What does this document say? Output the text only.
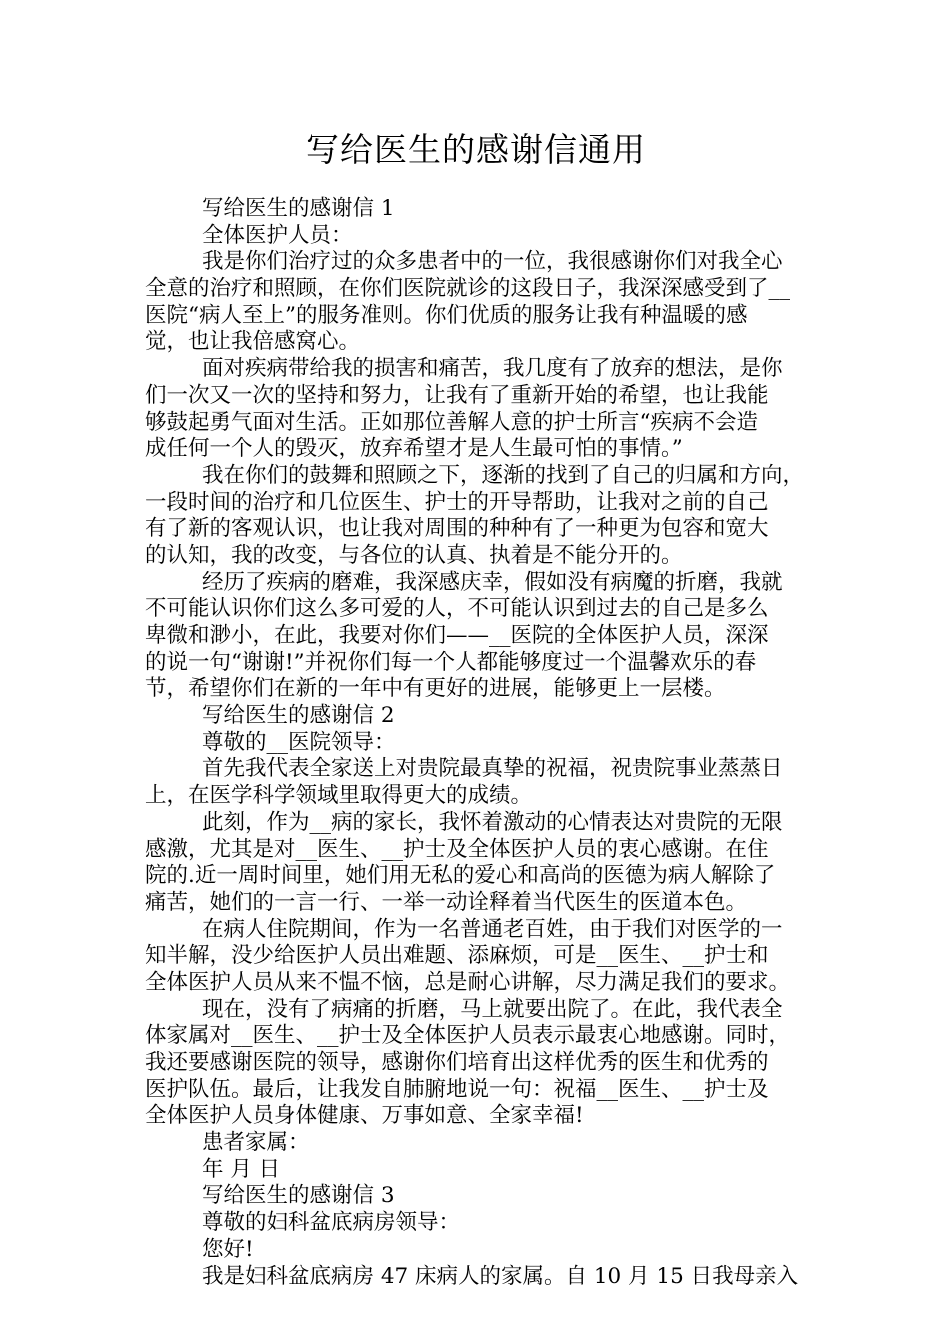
写给医生的感谢信通用
写给医生的感谢信 1
全体医护人员：
我是你们治疗过的众多患者中的一位，我很感谢你们对我全心
全意的治疗和照顾，在你们医院就诊的这段日子，我深深感受到了__
医院“病人至上”的服务准则。你们优质的服务让我有种温暖的感
觉，也让我倍感窝心。
面对疾病带给我的损害和痛苦，我几度有了放弃的想法，是你
们一次又一次的坚持和努力，让我有了重新开始的希望，也让我能
够鼓起勇气面对生活。正如那位善解人意的护士所言“疾病不会造
成任何一个人的毁灭，放弃希望才是人生最可怕的事情。”
我在你们的鼓舞和照顾之下，逐渐的找到了自己的归属和方向，
一段时间的治疗和几位医生、护士的开导帮助，让我对之前的自己
有了新的客观认识，也让我对周围的种种有了一种更为包容和宽大
的认知，我的改变，与各位的认真、执着是不能分开的。
经历了疾病的磨难，我深感庆幸，假如没有病魔的折磨，我就
不可能认识你们这么多可爱的人，不可能认识到过去的自己是多么
卑微和渺小，在此，我要对你们——__医院的全体医护人员，深深
的说一句“谢谢!”并祝你们每一个人都能够度过一个温馨欢乐的春
节，希望你们在新的一年中有更好的进展，能够更上一层楼。
写给医生的感谢信 2
尊敬的__医院领导：
首先我代表全家送上对贵院最真挚的祝福，祝贵院事业蒸蒸日
上，在医学科学领域里取得更大的成绩。
此刻，作为__病的家长，我怀着激动的心情表达对贵院的无限
感激，尤其是对__医生、__护士及全体医护人员的衷心感谢。在住
院的.近一周时间里，她们用无私的爱心和高尚的医德为病人解除了
痛苦，她们的一言一行、一举一动诠释着当代医生的医道本色。
在病人住院期间，作为一名普通老百姓，由于我们对医学的一
知半解，没少给医护人员出难题、添麻烦，可是__医生、__护士和
全体医护人员从来不愠不恼，总是耐心讲解，尽力满足我们的要求。
现在，没有了病痛的折磨，马上就要出院了。在此，我代表全
体家属对__医生、__护士及全体医护人员表示最衷心地感谢。同时，
我还要感谢医院的领导，感谢你们培育出这样优秀的医生和优秀的
医护队伍。最后，让我发自肺腑地说一句：祝福__医生、__护士及
全体医护人员身体健康、万事如意、全家幸福!
患者家属：
年 月 日
写给医生的感谢信 3
尊敬的妇科盆底病房领导：
您好!
我是妇科盆底病房 47 床病人的家属。自 10 月 15 日我母亲入
